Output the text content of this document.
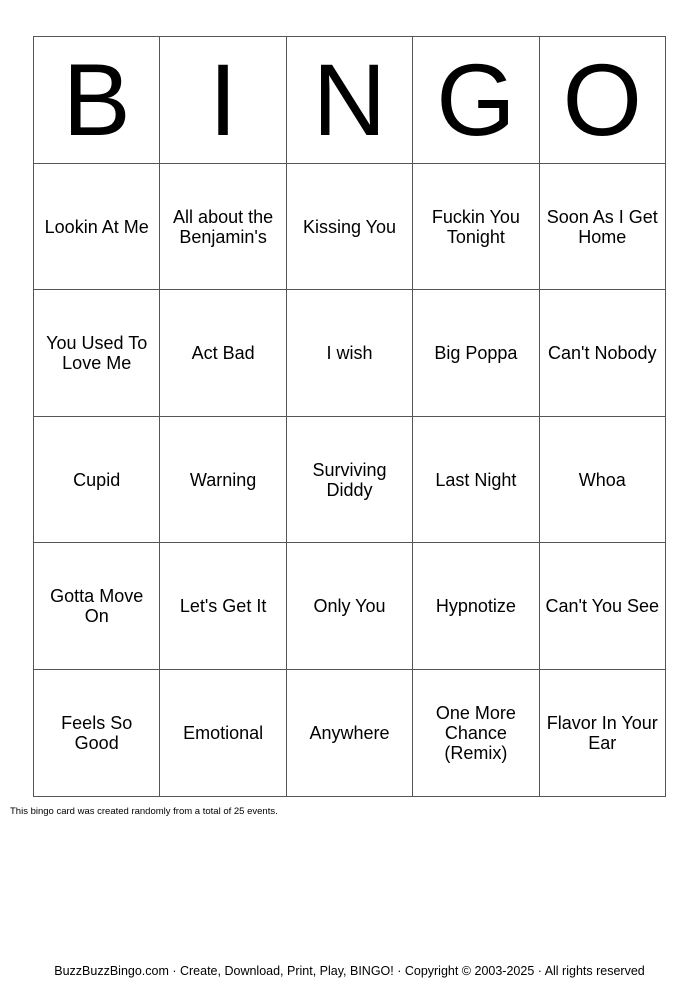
B	I	N	G	O
Lookin At Me	All about the Benjamin's	Kissing You	Fuckin You Tonight	Soon As I Get Home
You Used To Love Me	Act Bad	I wish	Big Poppa	Can't Nobody
Cupid	Warning	Surviving Diddy	Last Night	Whoa
Gotta Move On	Let's Get It	Only You	Hypnotize	Can't You See
Feels So Good	Emotional	Anywhere	One More Chance (Remix)	Flavor In Your Ear
This bingo card was created randomly from a total of 25 events.
BuzzBuzzBingo.com · Create, Download, Print, Play, BINGO! · Copyright © 2003-2025 · All rights reserved
